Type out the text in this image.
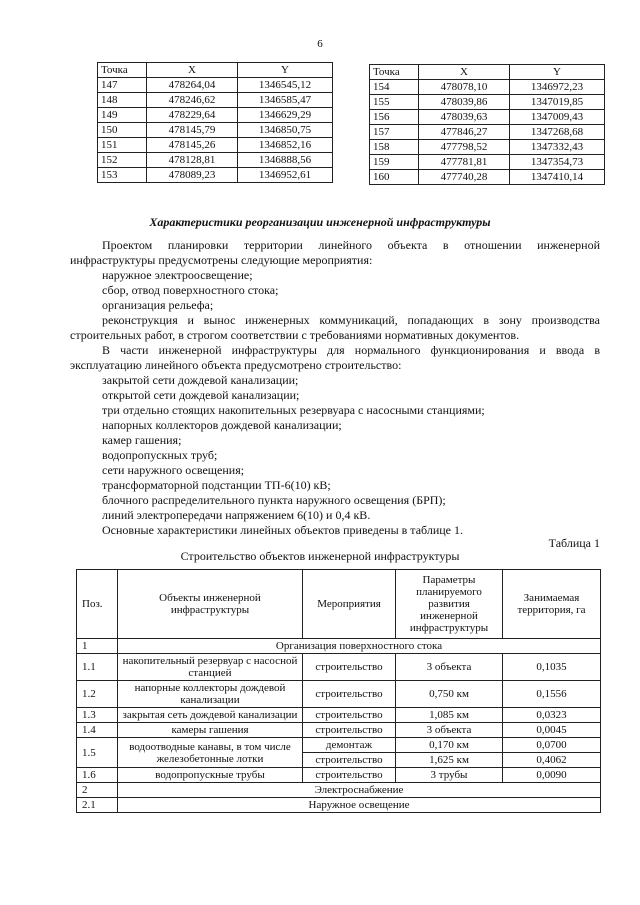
6
Точка	X	Y
147	478264,04	1346545,12
148	478246,62	1346585,47
149	478229,64	1346629,29
150	478145,79	1346850,75
151	478145,26	1346852,16
152	478128,81	1346888,56
153	478089,23	1346952,61
Точка	X	Y
154	478078,10	1346972,23
155	478039,86	1347019,85
156	478039,63	1347009,43
157	477846,27	1347268,68
158	477798,52	1347332,43
159	477781,81	1347354,73
160	477740,28	1347410,14
Характеристики реорганизации инженерной инфраструктуры

Проектом планировки территории линейного объекта в отношении инженерной инфраструктуры предусмотрены следующие мероприятия:

наружное электроосвещение;

сбор, отвод поверхностного стока;

организация рельефа;

реконструкция и вынос инженерных коммуникаций, попадающих в зону производства строительных работ, в строгом соответствии с требованиями нормативных документов.

В части инженерной инфраструктуры для нормального функционирования и ввода в эксплуатацию линейного объекта предусмотрено строительство:

закрытой сети дождевой канализации;

открытой сети дождевой канализации;

три отдельно стоящих накопительных резервуара с насосными станциями;

напорных коллекторов дождевой канализации;

камер гашения;

водопропускных труб;

сети наружного освещения;

трансформаторной подстанции ТП-6(10) кВ;

блочного распределительного пункта наружного освещения (БРП);

линий электропередачи напряжением 6(10) и 0,4 кВ.

Основные характеристики линейных объектов приведены в таблице 1.

Таблица 1
Строительство объектов инженерной инфраструктуры
Поз.	Объекты инженерной инфраструктуры	Мероприятия	Параметры планируемого развития инженерной инфраструктуры	Занимаемая территория, га
1	Организация поверхностного стока			
1.1	накопительный резервуар с насосной станцией	строительство	3 объекта	0,1035
1.2	напорные коллекторы дождевой канализации	строительство	0,750 км	0,1556
1.3	закрытая сеть дождевой канализации	строительство	1,085 км	0,0323
1.4	камеры гашения	строительство	3 объекта	0,0045
1.5	водоотводные канавы, в том числе железобетонные лотки	демонтаж	0,170 км	0,0700
		строительство	1,625 км	0,4062
1.6	водопропускные трубы	строительство	3 трубы	0,0090
2	Электроснабжение			
2.1	Наружное освещение			
